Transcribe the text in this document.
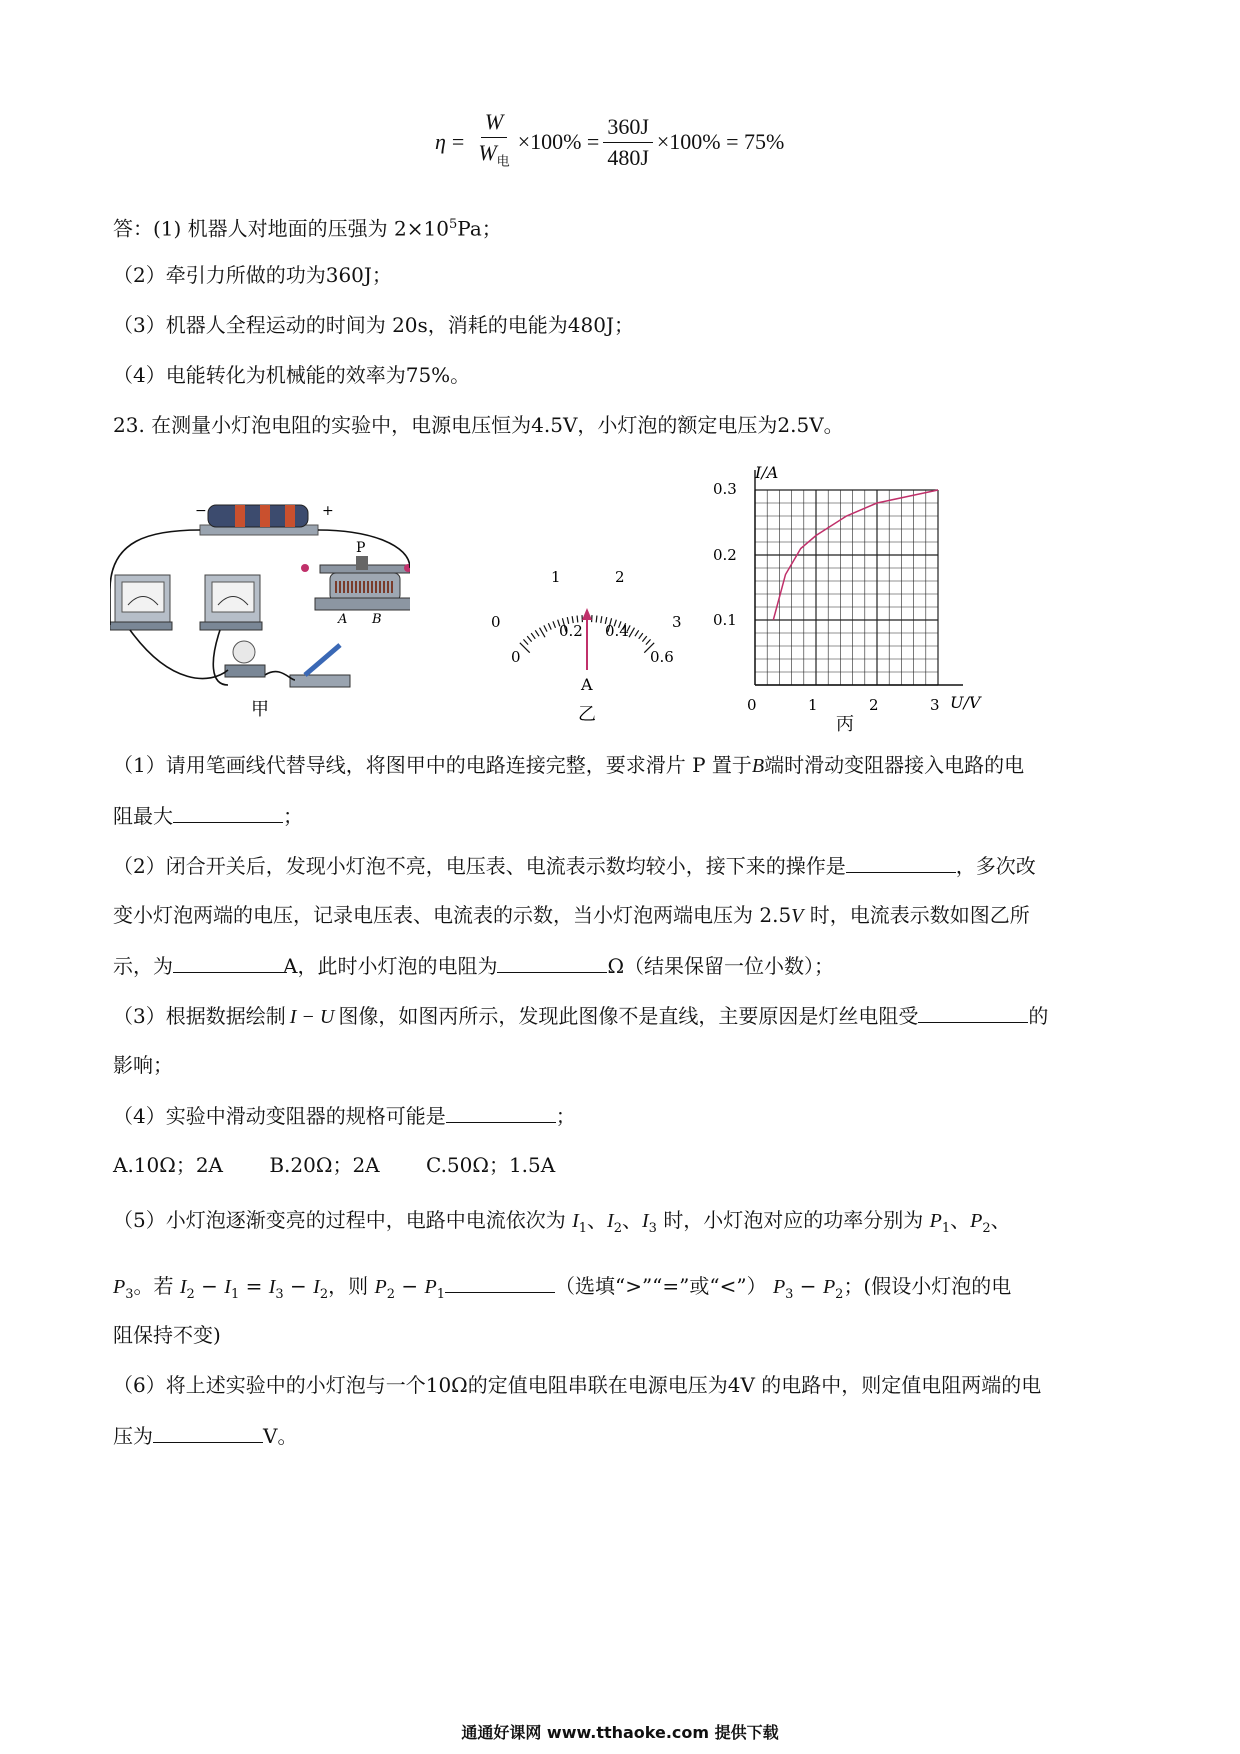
$\eta = \frac{W}{W_电} \times 100\% = \frac{360J}{480J} \times 100\% = 75\%$
答：(1) 机器人对地面的压强为 $2\times 10^5Pa$；
（2）牵引力所做的功为360J；
（3）机器人全程运动的时间为 20s，消耗的电能为480J；
（4）电能转化为机械能的效率为75%。
23. 在测量小灯泡电阻的实验中，电源电压恒为4.5V，小灯泡的额定电压为2.5V。
−	+
P
A B
甲
0
1	2
3
0
0.2 0.4
0.6
A
乙
I/A
U/V
0.3
0.2
0.1
0	1	2	3
丙
（1）请用笔画线代替导线，将图甲中的电路连接完整，要求滑片 P 置于B端时滑动变阻器接入电路的电
阻最大	；
（2）闭合开关后，发现小灯泡不亮，电压表、电流表示数均较小，接下来的操作是	，多次改
变小灯泡两端的电压，记录电压表、电流表的示数，当小灯泡两端电压为 2.5V 时，电流表示数如图乙所
示，为	A，此时小灯泡的电阻为	Ω（结果保留一位小数）；
（3）根据数据绘制 I − U 图像，如图丙所示，发现此图像不是直线，主要原因是灯丝电阻受	的
影响；
（4）实验中滑动变阻器的规格可能是	；
A.10Ω；2A B.20Ω；2A C.50Ω；1.5A
（5）小灯泡逐渐变亮的过程中，电路中电流依次为 $I_1$、$I_2$、$I_3$ 时，小灯泡对应的功率分别为 $P_1$、$P_2$、
$P_3$。若 $I_2 - I_1 = I_3 - I_2$，则 $P_2 - P_1$	（选填“>”“=”或“<”） $P_3 - P_2$；(假设小灯泡的电
阻保持不变)
（6）将上述实验中的小灯泡与一个10Ω的定值电阻串联在电源电压为4V 的电路中，则定值电阻两端的电
压为	V。
通通好课网 www.tthaoke.com 提供下载
